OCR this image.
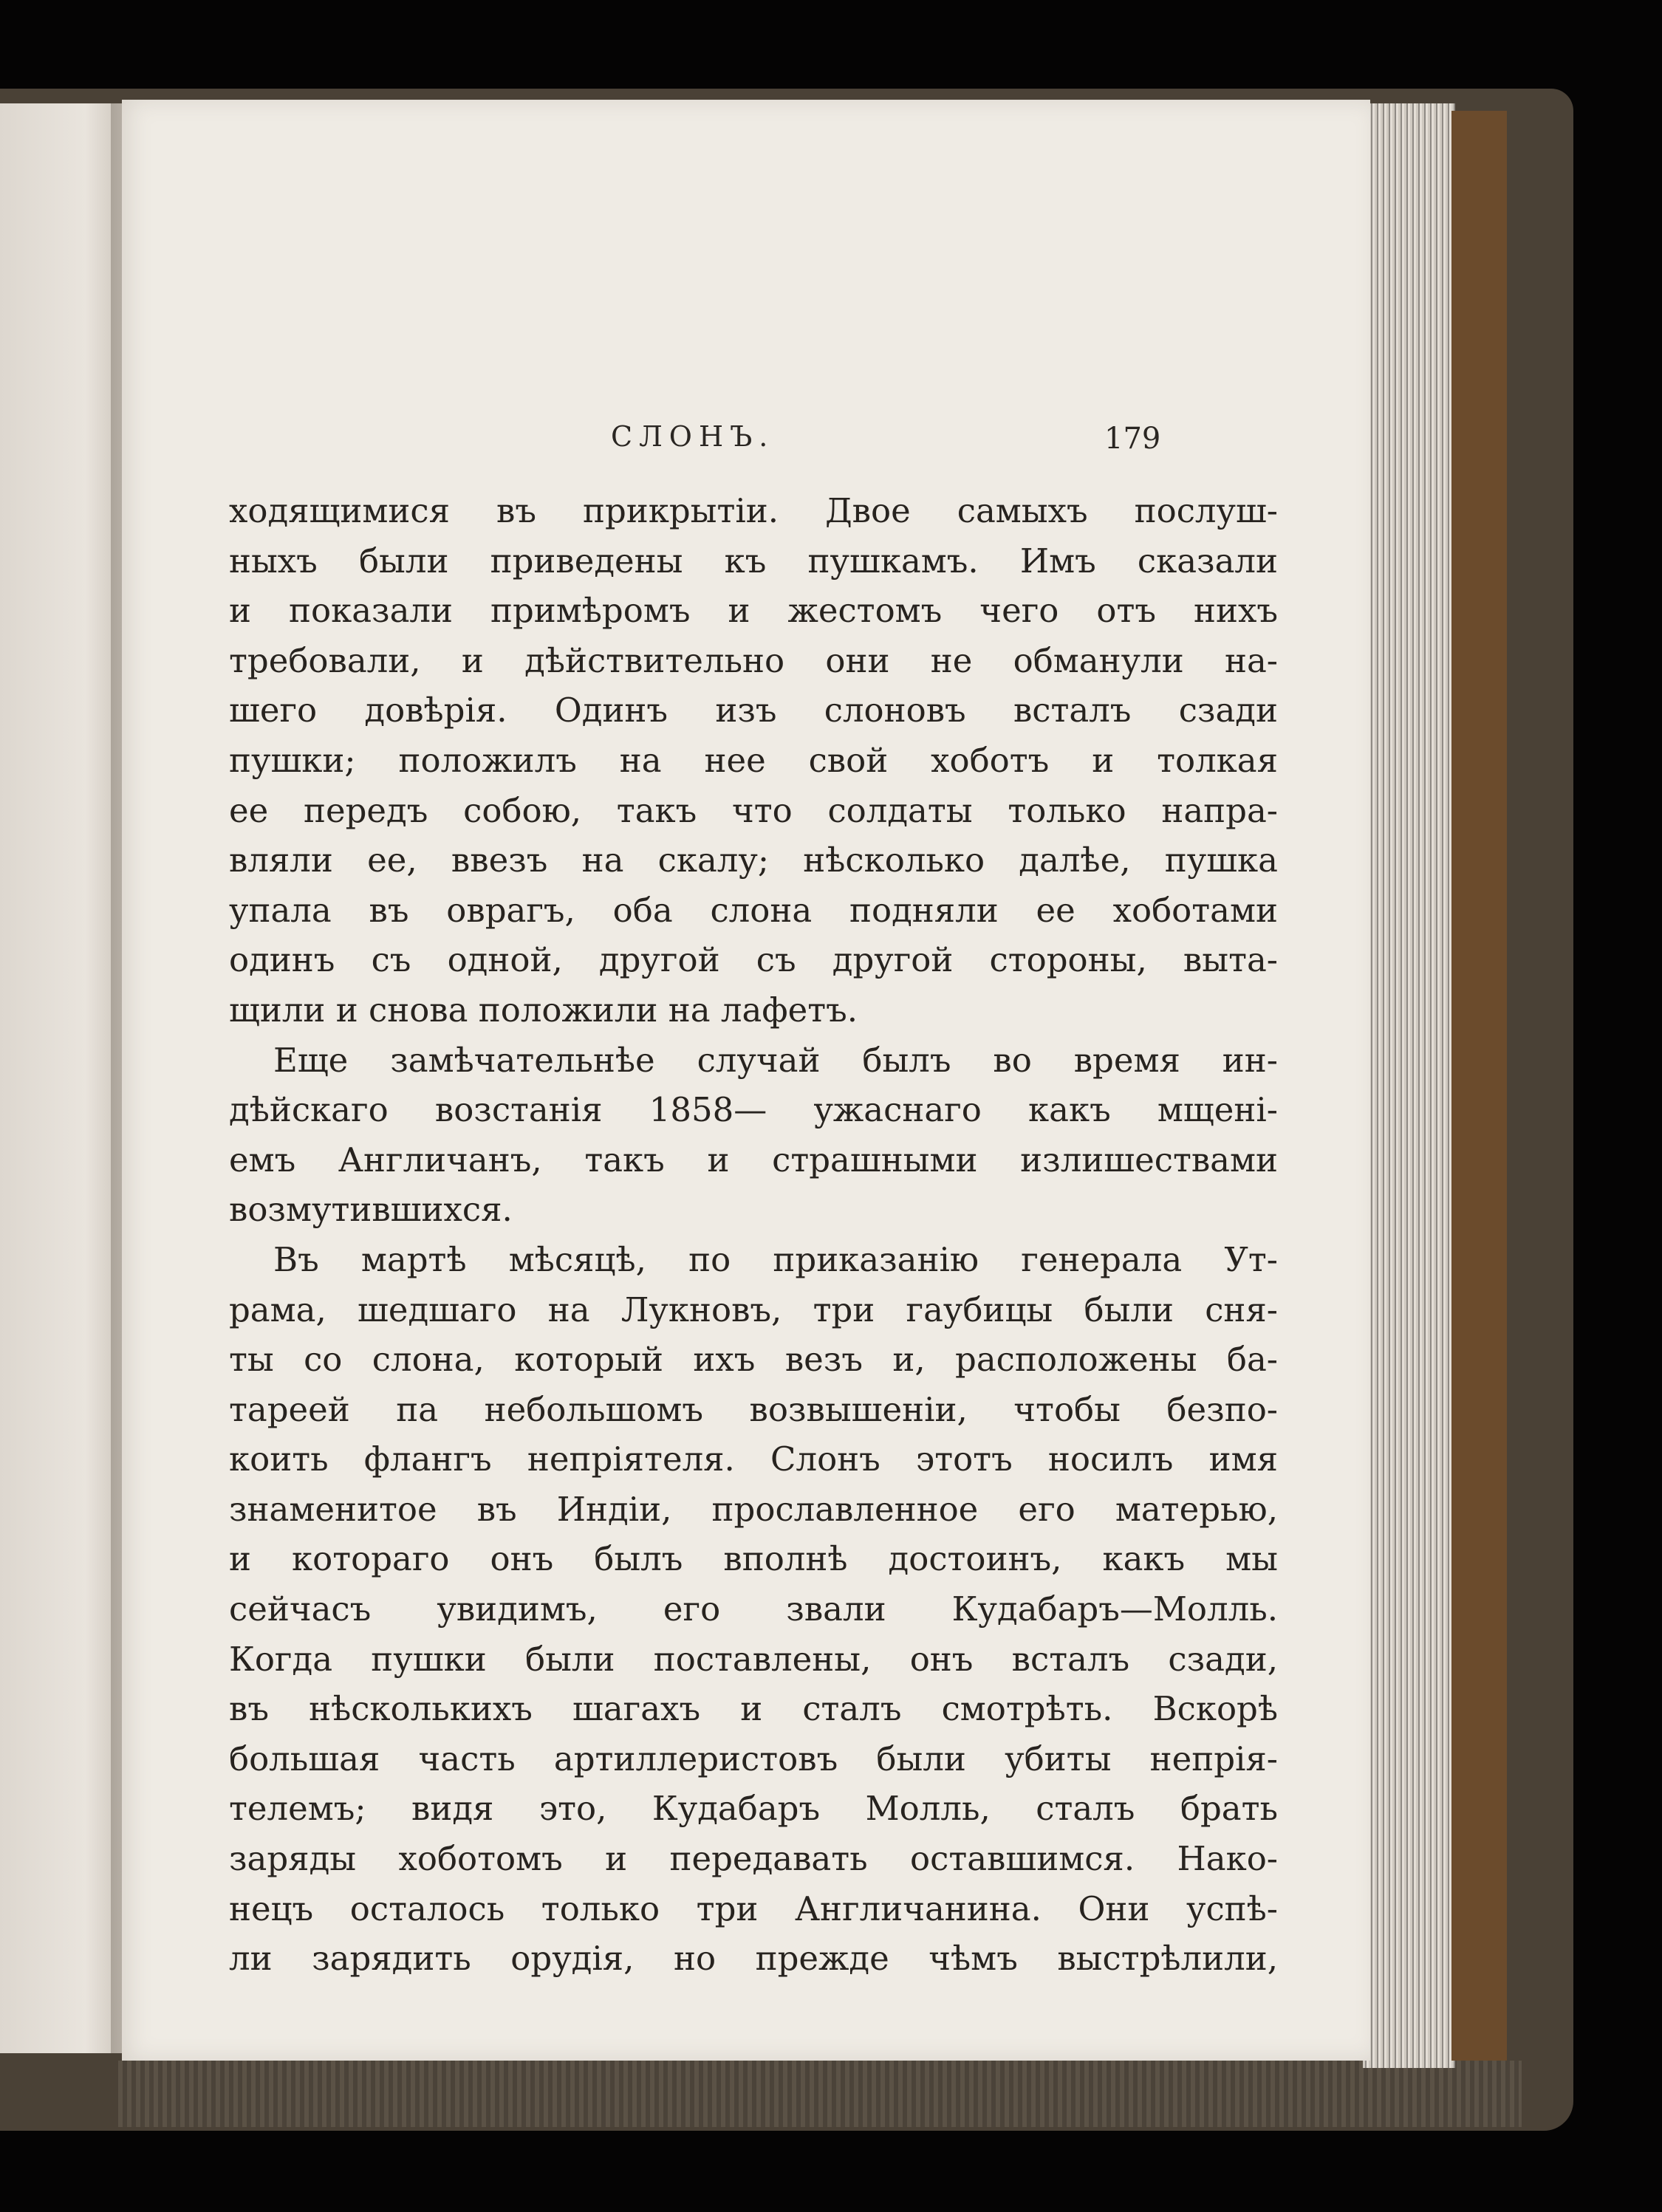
СЛОНЪ.	179
ходящимися въ прикрытіи. Двое самыхъ послуш-
ныхъ были приведены къ пушкамъ. Имъ сказали
и показали примѣромъ и жестомъ чего отъ нихъ
требовали, и дѣйствительно они не обманули на-
шего довѣрія. Одинъ изъ слоновъ всталъ сзади
пушки; положилъ на нее свой хоботъ и толкая
ее передъ собою, такъ что солдаты только напра-
вляли ее, ввезъ на скалу; нѣсколько далѣе, пушка
упала въ оврагъ, оба слона подняли ее хоботами
одинъ съ одной, другой съ другой стороны, выта-
щили и снова положили на лафетъ.
Еще замѣчательнѣе случай былъ во время ин-
дѣйскаго возстанія 1858— ужаснаго какъ мщені-
емъ Англичанъ, такъ и страшными излишествами
возмутившихся.
Въ мартѣ мѣсяцѣ, по приказанію генерала Ут-
рама, шедшаго на Лукновъ, три гаубицы были сня-
ты со слона, который ихъ везъ и, расположены ба-
тареей па небольшомъ возвышеніи, чтобы безпо-
коить флангъ непріятеля. Слонъ этотъ носилъ имя
знаменитое въ Индіи, прославленное его матерью,
и котораго онъ былъ вполнѣ достоинъ, какъ мы
сейчасъ увидимъ, его звали Кудабаръ—Молль.
Когда пушки были поставлены, онъ всталъ сзади,
въ нѣсколькихъ шагахъ и сталъ смотрѣть. Вскорѣ
большая часть артиллеристовъ были убиты непрія-
телемъ; видя это, Кудабаръ Молль, сталъ брать
заряды хоботомъ и передавать оставшимся. Нако-
нецъ осталось только три Англичанина. Они успѣ-
ли зарядить орудія, но прежде чѣмъ выстрѣлили,
